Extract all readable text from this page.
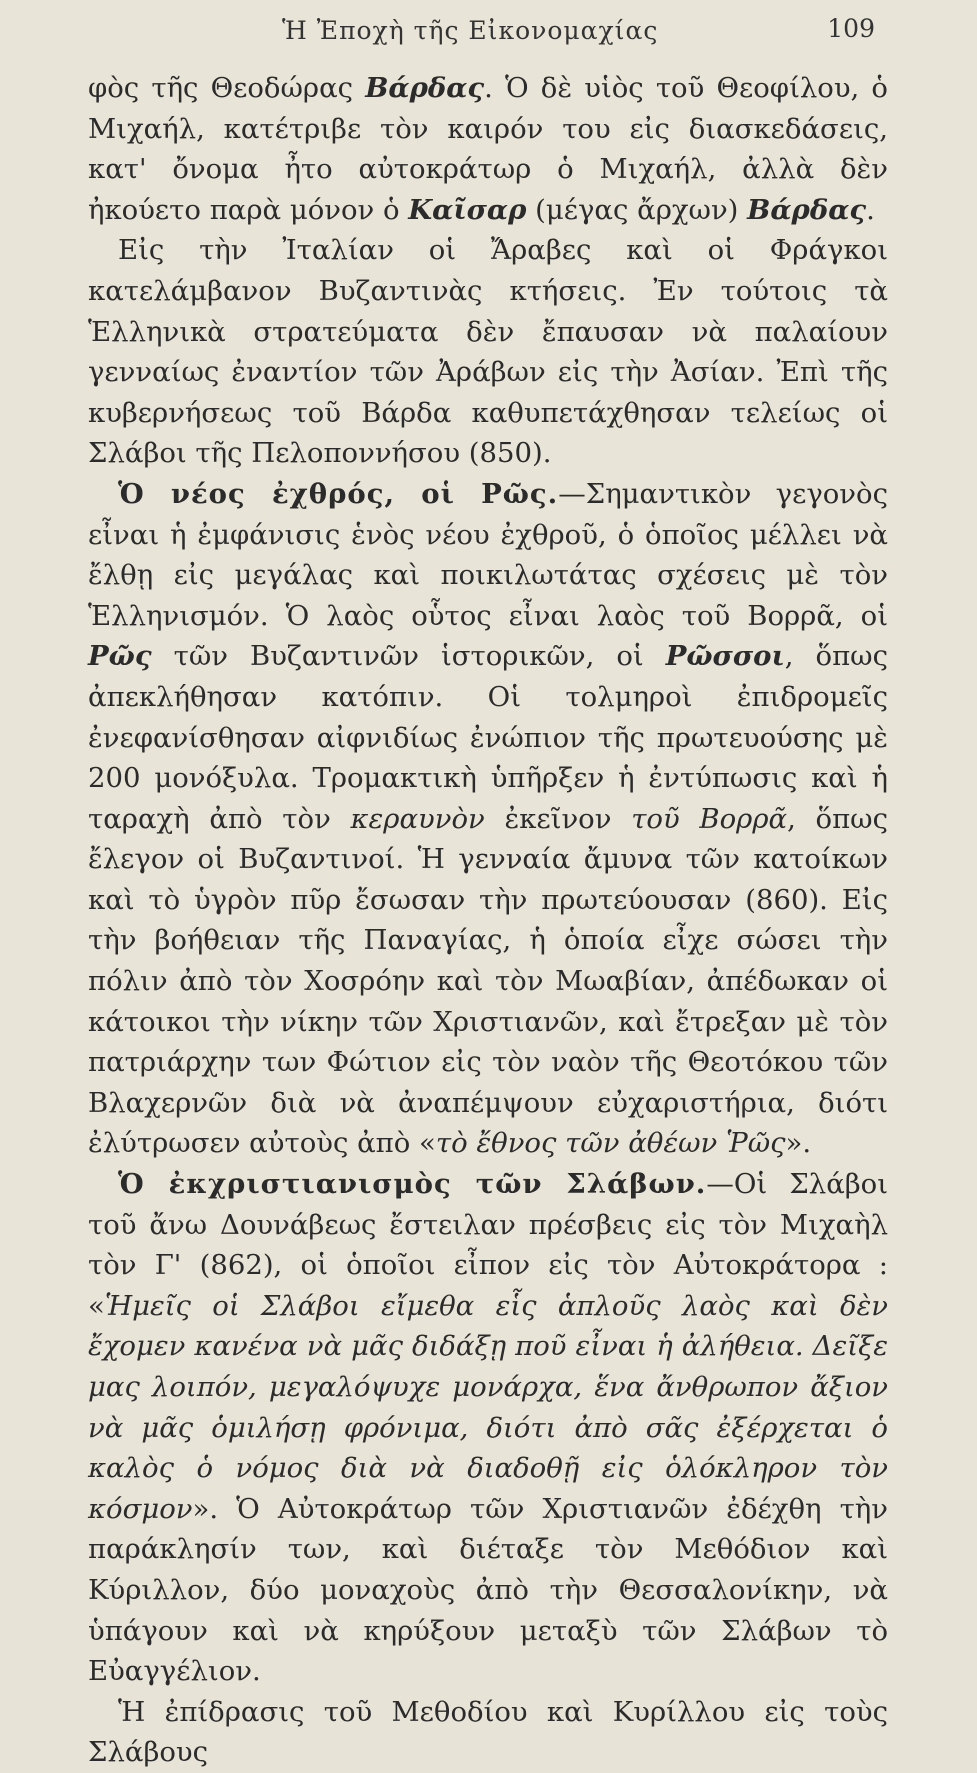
Ἡ Ἐποχὴ τῆς Εἰκονομαχίας	109

φὸς τῆς Θεοδώρας Βάρδας. Ὁ δὲ υἱὸς τοῦ Θεοφίλου, ὁ Μιχαήλ, κατέτριβε τὸν καιρόν του εἰς διασκεδάσεις, κατ' ὄνομα ἦτο αὐτοκράτωρ ὁ Μιχαήλ, ἀλλὰ δὲν ἠκούετο παρὰ μόνον ὁ Καῖσαρ (μέγας ἄρχων) Βάρδας.

Εἰς τὴν Ἰταλίαν οἱ Ἄραβες καὶ οἱ Φράγκοι κατελάμβανον Βυζαντινὰς κτήσεις. Ἐν τούτοις τὰ Ἑλληνικὰ στρατεύματα δὲν ἔπαυσαν νὰ παλαίουν γενναίως ἐναντίον τῶν Ἀράβων εἰς τὴν Ἀσίαν. Ἐπὶ τῆς κυβερνήσεως τοῦ Βάρδα καθυπετάχθησαν τελείως οἱ Σλάβοι τῆς Πελοποννήσου (850).

Ὁ νέος ἐχθρός, οἱ Ρῶς.—Σημαντικὸν γεγονὸς εἶναι ἡ ἐμφάνισις ἑνὸς νέου ἐχθροῦ, ὁ ὁποῖος μέλλει νὰ ἔλθῃ εἰς μεγάλας καὶ ποικιλωτάτας σχέσεις μὲ τὸν Ἑλληνισμόν. Ὁ λαὸς οὗτος εἶναι λαὸς τοῦ Βορρᾶ, οἱ Ρῶς τῶν Βυζαντινῶν ἱστορικῶν, οἱ Ρῶσσοι, ὅπως ἀπεκλήθησαν κατόπιν. Οἱ τολμηροὶ ἐπιδρομεῖς ἐνεφανίσθησαν αἰφνιδίως ἐνώπιον τῆς πρωτευούσης μὲ 200 μονόξυλα. Τρομακτικὴ ὑπῆρξεν ἡ ἐντύπωσις καὶ ἡ ταραχὴ ἀπὸ τὸν κεραυνὸν ἐκεῖνον τοῦ Βορρᾶ, ὅπως ἔλεγον οἱ Βυζαντινοί. Ἡ γενναία ἄμυνα τῶν κατοίκων καὶ τὸ ὑγρὸν πῦρ ἔσωσαν τὴν πρωτεύουσαν (860). Εἰς τὴν βοήθειαν τῆς Παναγίας, ἡ ὁποία εἶχε σώσει τὴν πόλιν ἀπὸ τὸν Χοσρόην καὶ τὸν Μωαβίαν, ἀπέδωκαν οἱ κάτοικοι τὴν νίκην τῶν Χριστιανῶν, καὶ ἔτρεξαν μὲ τὸν πατριάρχην των Φώτιον εἰς τὸν ναὸν τῆς Θεοτόκου τῶν Βλαχερνῶν διὰ νὰ ἀναπέμψουν εὐχαριστήρια, διότι ἐλύτρωσεν αὐτοὺς ἀπὸ «τὸ ἔθνος τῶν ἀθέων Ῥῶς».

Ὁ ἐκχριστιανισμὸς τῶν Σλάβων.—Οἱ Σλάβοι τοῦ ἄνω Δουνάβεως ἔστειλαν πρέσβεις εἰς τὸν Μιχαὴλ τὸν Γ' (862), οἱ ὁποῖοι εἶπον εἰς τὸν Αὐτοκράτορα : «Ἡμεῖς οἱ Σλάβοι εἴμεθα εἷς ἁπλοῦς λαὸς καὶ δὲν ἔχομεν κανένα νὰ μᾶς διδάξῃ ποῦ εἶναι ἡ ἀλήθεια. Δεῖξε μας λοιπόν, μεγαλόψυχε μονάρχα, ἕνα ἄνθρωπον ἄξιον νὰ μᾶς ὁμιλήσῃ φρόνιμα, διότι ἀπὸ σᾶς ἐξέρχεται ὁ καλὸς ὁ νόμος διὰ νὰ διαδοθῇ εἰς ὁλόκληρον τὸν κόσμον». Ὁ Αὐτοκράτωρ τῶν Χριστιανῶν ἐδέχθη τὴν παράκλησίν των, καὶ διέταξε τὸν Μεθόδιον καὶ Κύριλλον, δύο μοναχοὺς ἀπὸ τὴν Θεσσαλονίκην, νὰ ὑπάγουν καὶ νὰ κηρύξουν μεταξὺ τῶν Σλάβων τὸ Εὐαγγέλιον.

Ἡ ἐπίδρασις τοῦ Μεθοδίου καὶ Κυρίλλου εἰς τοὺς Σλάβους
